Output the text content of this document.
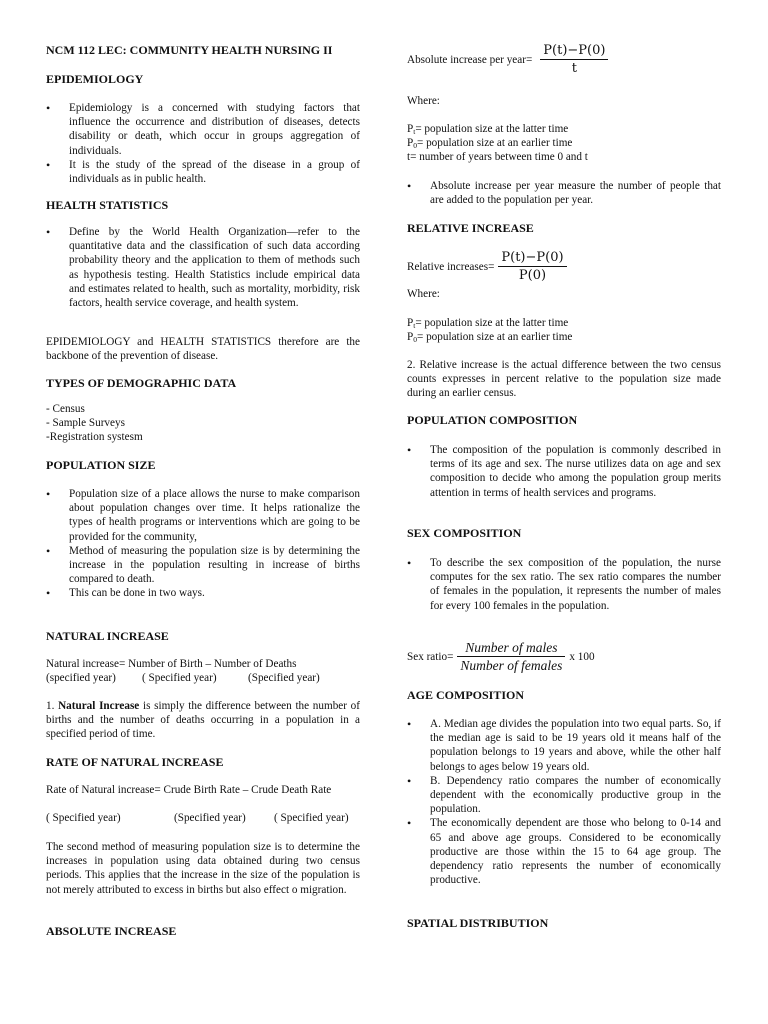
NCM 112 LEC: COMMUNITY HEALTH NURSING II
EPIDEMIOLOGY
• Epidemiology is a concerned with studying factors that influence the occurrence and distribution of diseases, detects disability or death, which occur in groups aggregation of individuals.
• It is the study of the spread of the disease in a group of individuals as in public health.
HEALTH STATISTICS
• Define by the World Health Organization—refer to the quantitative data and the classification of such data according probability theory and the application to them of methods such as hypothesis testing. Health Statistics include empirical data and estimates related to health, such as mortality, morbidity, risk factors, health service coverage, and health system.
EPIDEMIOLOGY and HEALTH STATISTICS therefore are the backbone of the prevention of disease.
TYPES OF DEMOGRAPHIC DATA
- Census
- Sample Surveys
-Registration systesm
POPULATION SIZE
• Population size of a place allows the nurse to make comparison about population changes over time. It helps rationalize the types of health programs or interventions which are going to be provided for the community,
• Method of measuring the population size is by determining the increase in the population resulting in increase of births compared to death.
• This can be done in two ways.
NATURAL INCREASE
Natural increase= Number of Birth – Number of Deaths
(specified year) ( Specified year)	(Specified year)
1. Natural Increase is simply the difference between the number of births and the number of deaths occurring in a population in a specified period of time.
RATE OF NATURAL INCREASE
Rate of Natural increase= Crude Birth Rate – Crude Death Rate
( Specified year)	(Specified year)	( Specified year)
The second method of measuring population size is to determine the increases in population using data obtained during two census periods. This applies that the increase in the size of the population is not merely attributed to excess in births but also effect o migration.
ABSOLUTE INCREASE
Absolute increase per year= $\frac{P(t)-P(0)}{t}$
Where:
$P_t=$ population size at the latter time
$P_0=$ population size at an earlier time
t= number of years between time 0 and t
• Absolute increase per year measure the number of people that are added to the population per year.
RELATIVE INCREASE
Relative increases= $\frac{P(t)-P(0)}{P(0)}$
Where:
$P_t=$ population size at the latter time
$P_0=$ population size at an earlier time
2. Relative increase is the actual difference between the two census counts expresses in percent relative to the population size made during an earlier census.
POPULATION COMPOSITION
• The composition of the population is commonly described in terms of its age and sex. The nurse utilizes data on age and sex composition to decide who among the population group merits attention in terms of health services and programs.
SEX COMPOSITION
• To describe the sex composition of the population, the nurse computes for the sex ratio. The sex ratio compares the number of females in the population, it represents the number of males for every 100 females in the population.
Sex ratio= $\frac{\text{Number of males}}{\text{Number of females}}$ x 100
AGE COMPOSITION
• A. Median age divides the population into two equal parts. So, if the median age is said to be 19 years old it means half of the population belongs to 19 years and above, while the other half belongs to ages below 19 years old.
• B. Dependency ratio compares the number of economically dependent with the economically productive group in the population.
• The economically dependent are those who belong to 0-14 and 65 and above age groups. Considered to be economically productive are those within the 15 to 64 age group. The dependency ratio represents the number of economically productive.
SPATIAL DISTRIBUTION
